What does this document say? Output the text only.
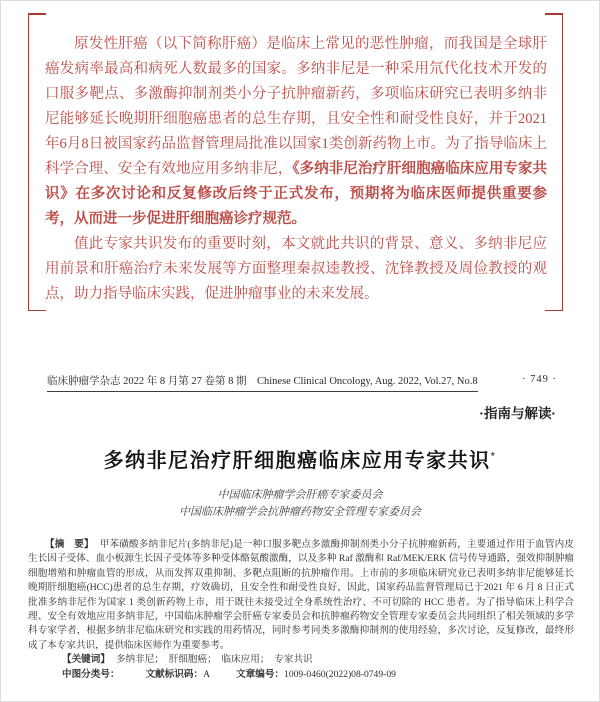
原发性肝癌（以下简称肝癌）是临床上常见的恶性肿瘤，而我国是全球肝癌发病率最高和病死人数最多的国家。多纳非尼是一种采用氘代化技术开发的口服多靶点、多激酶抑制剂类小分子抗肿瘤新药，多项临床研究已表明多纳非尼能够延长晚期肝细胞癌患者的总生存期，且安全性和耐受性良好，并于2021年6月8日被国家药品监督管理局批准以国家1类创新药物上市。为了指导临床上科学合理、安全有效地应用多纳非尼，《多纳非尼治疗肝细胞癌临床应用专家共识》在多次讨论和反复修改后终于正式发布，预期将为临床医师提供重要参考，从而进一步促进肝细胞癌诊疗规范。

值此专家共识发布的重要时刻，本文就此共识的背景、意义、多纳非尼应用前景和肝癌治疗未来发展等方面整理秦叔逵教授、沈锋教授及周俭教授的观点，助力指导临床实践，促进肿瘤事业的未来发展。

临床肿瘤学杂志 2022 年 8 月第 27 卷第 8 期　Chinese Clinical Oncology, Aug. 2022, Vol.27, No.8	· 749 ·
·指南与解读·
多纳非尼治疗肝细胞癌临床应用专家共识*
中国临床肿瘤学会肝癌专家委员会
中国临床肿瘤学会抗肿瘤药物安全管理专家委员会

【摘　要】 甲苯磺酸多纳非尼片(多纳非尼)是一种口服多靶点多激酶抑制剂类小分子抗肿瘤新药，主要通过作用于血管内皮生长因子受体、血小板源生长因子受体等多种受体酪氨酸激酶，以及多种 Raf 激酶和 Raf/MEK/ERK 信号传导通路，强效抑制肿瘤细胞增殖和肿瘤血管的形成，从而发挥双重抑制、多靶点阻断的抗肿瘤作用。上市前的多项临床研究业已表明多纳非尼能够延长晚期肝细胞癌(HCC)患者的总生存期，疗效确切，且安全性和耐受性良好，因此，国家药品监督管理局已于2021 年 6 月 8 日正式批准多纳非尼作为国家 1 类创新药物上市，用于既往未接受过全身系统性治疗、不可切除的 HCC 患者。为了指导临床上科学合理、安全有效地应用多纳非尼，中国临床肿瘤学会肝癌专家委员会和抗肿瘤药物安全管理专家委员会共同组织了相关领域的多学科专家学者，根据多纳非尼临床研究和实践的用药情况，同时参考同类多激酶抑制剂的使用经验，多次讨论，反复修改，最终形成了本专家共识，提供临床医师作为重要参考。

【关键词】 多纳非尼；　肝细胞癌；　临床应用；　专家共识

中图分类号：	文献标识码：A	文章编号：1009-0460(2022)08-0749-09
